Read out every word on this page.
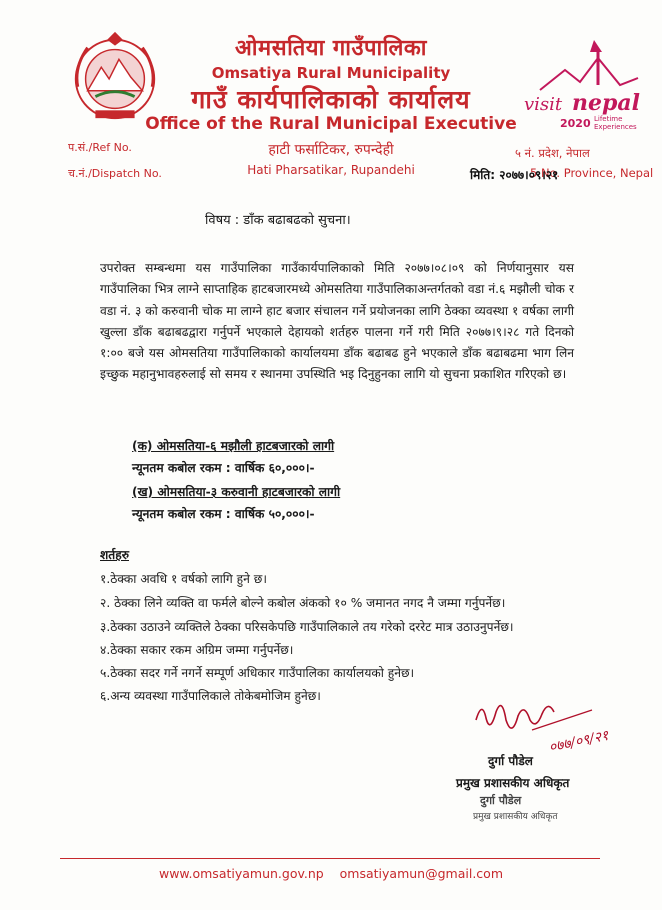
visit nepal
2020 Lifetime
Experiences
ओमसतिया गाउँपालिका
Omsatiya Rural Municipality
गाउँ कार्यपालिकाको कार्यालय
Office of the Rural Municipal Executive
हाटी फर्साटिकर, रुपन्देही
Hati Pharsatikar, Rupandehi
प.सं./Ref No.
च.नं./Dispatch No.
५ नं. प्रदेश, नेपाल
5 No. Province, Nepal
मिति: २०७७।०९।२१
विषय : डाँक बढाबढको सुचना।
उपरोक्त सम्बन्धमा यस गाउँपालिका गाउँकार्यपालिकाको मिति २०७७।०८।०९ को निर्णयानुसार यस गाउँपालिका भित्र लाग्ने साप्ताहिक हाटबजारमध्ये ओमसतिया गाउँपालिकाअन्तर्गतको वडा नं.६ मझौली चोक र वडा नं. ३ को करुवानी चोक मा लाग्ने हाट बजार संचालन गर्ने प्रयोजनका लागि ठेक्का व्यवस्था १ वर्षका लागी खुल्ला डाँक बढाबढद्वारा गर्नुपर्ने भएकाले देहायको शर्तहरु पालना गर्ने गरी मिति २०७७।९।२८ गते दिनको १:०० बजे यस ओमसतिया गाउँपालिकाको कार्यालयमा डाँक बढाबढ हुने भएकाले डाँक बढाबढमा भाग लिन इच्छुक महानुभावहरुलाई सो समय र स्थानमा उपस्थिति भइ दिनुहुनका लागि यो सुचना प्रकाशित गरिएको छ।
(क) ओमसतिया-६ मझौली हाटबजारको लागी
न्यूनतम कबोल रकम : वार्षिक ६०,०००।-
(ख) ओमसतिया-३ करुवानी हाटबजारको लागी
न्यूनतम कबोल रकम : वार्षिक ५०,०००।-
शर्तहरु
१.ठेक्का अवधि १ वर्षको लागि हुने छ।
२. ठेक्का लिने व्यक्ति वा फर्मले बोल्ने कबोल अंकको १० % जमानत नगद नै जम्मा गर्नुपर्नेछ।
३.ठेक्का उठाउने व्यक्तिले ठेक्का परिसकेपछि गाउँपालिकाले तय गरेको दररेट मात्र उठाउनुपर्नेछ।
४.ठेक्का सकार रकम अग्रिम जम्मा गर्नुपर्नेछ।
५.ठेक्का सदर गर्ने नगर्ने सम्पूर्ण अधिकार गाउँपालिका कार्यालयको हुनेछ।
६.अन्य व्यवस्था गाउँपालिकाले तोकेबमोजिम हुनेछ।
०७७/०९/२१
दुर्गा पौडेल
प्रमुख प्रशासकीय अधिकृत
दुर्गा पौडेल
प्रमुख प्रशासकीय अधिकृत
www.omsatiyamun.gov.np omsatiyamun@gmail.com
